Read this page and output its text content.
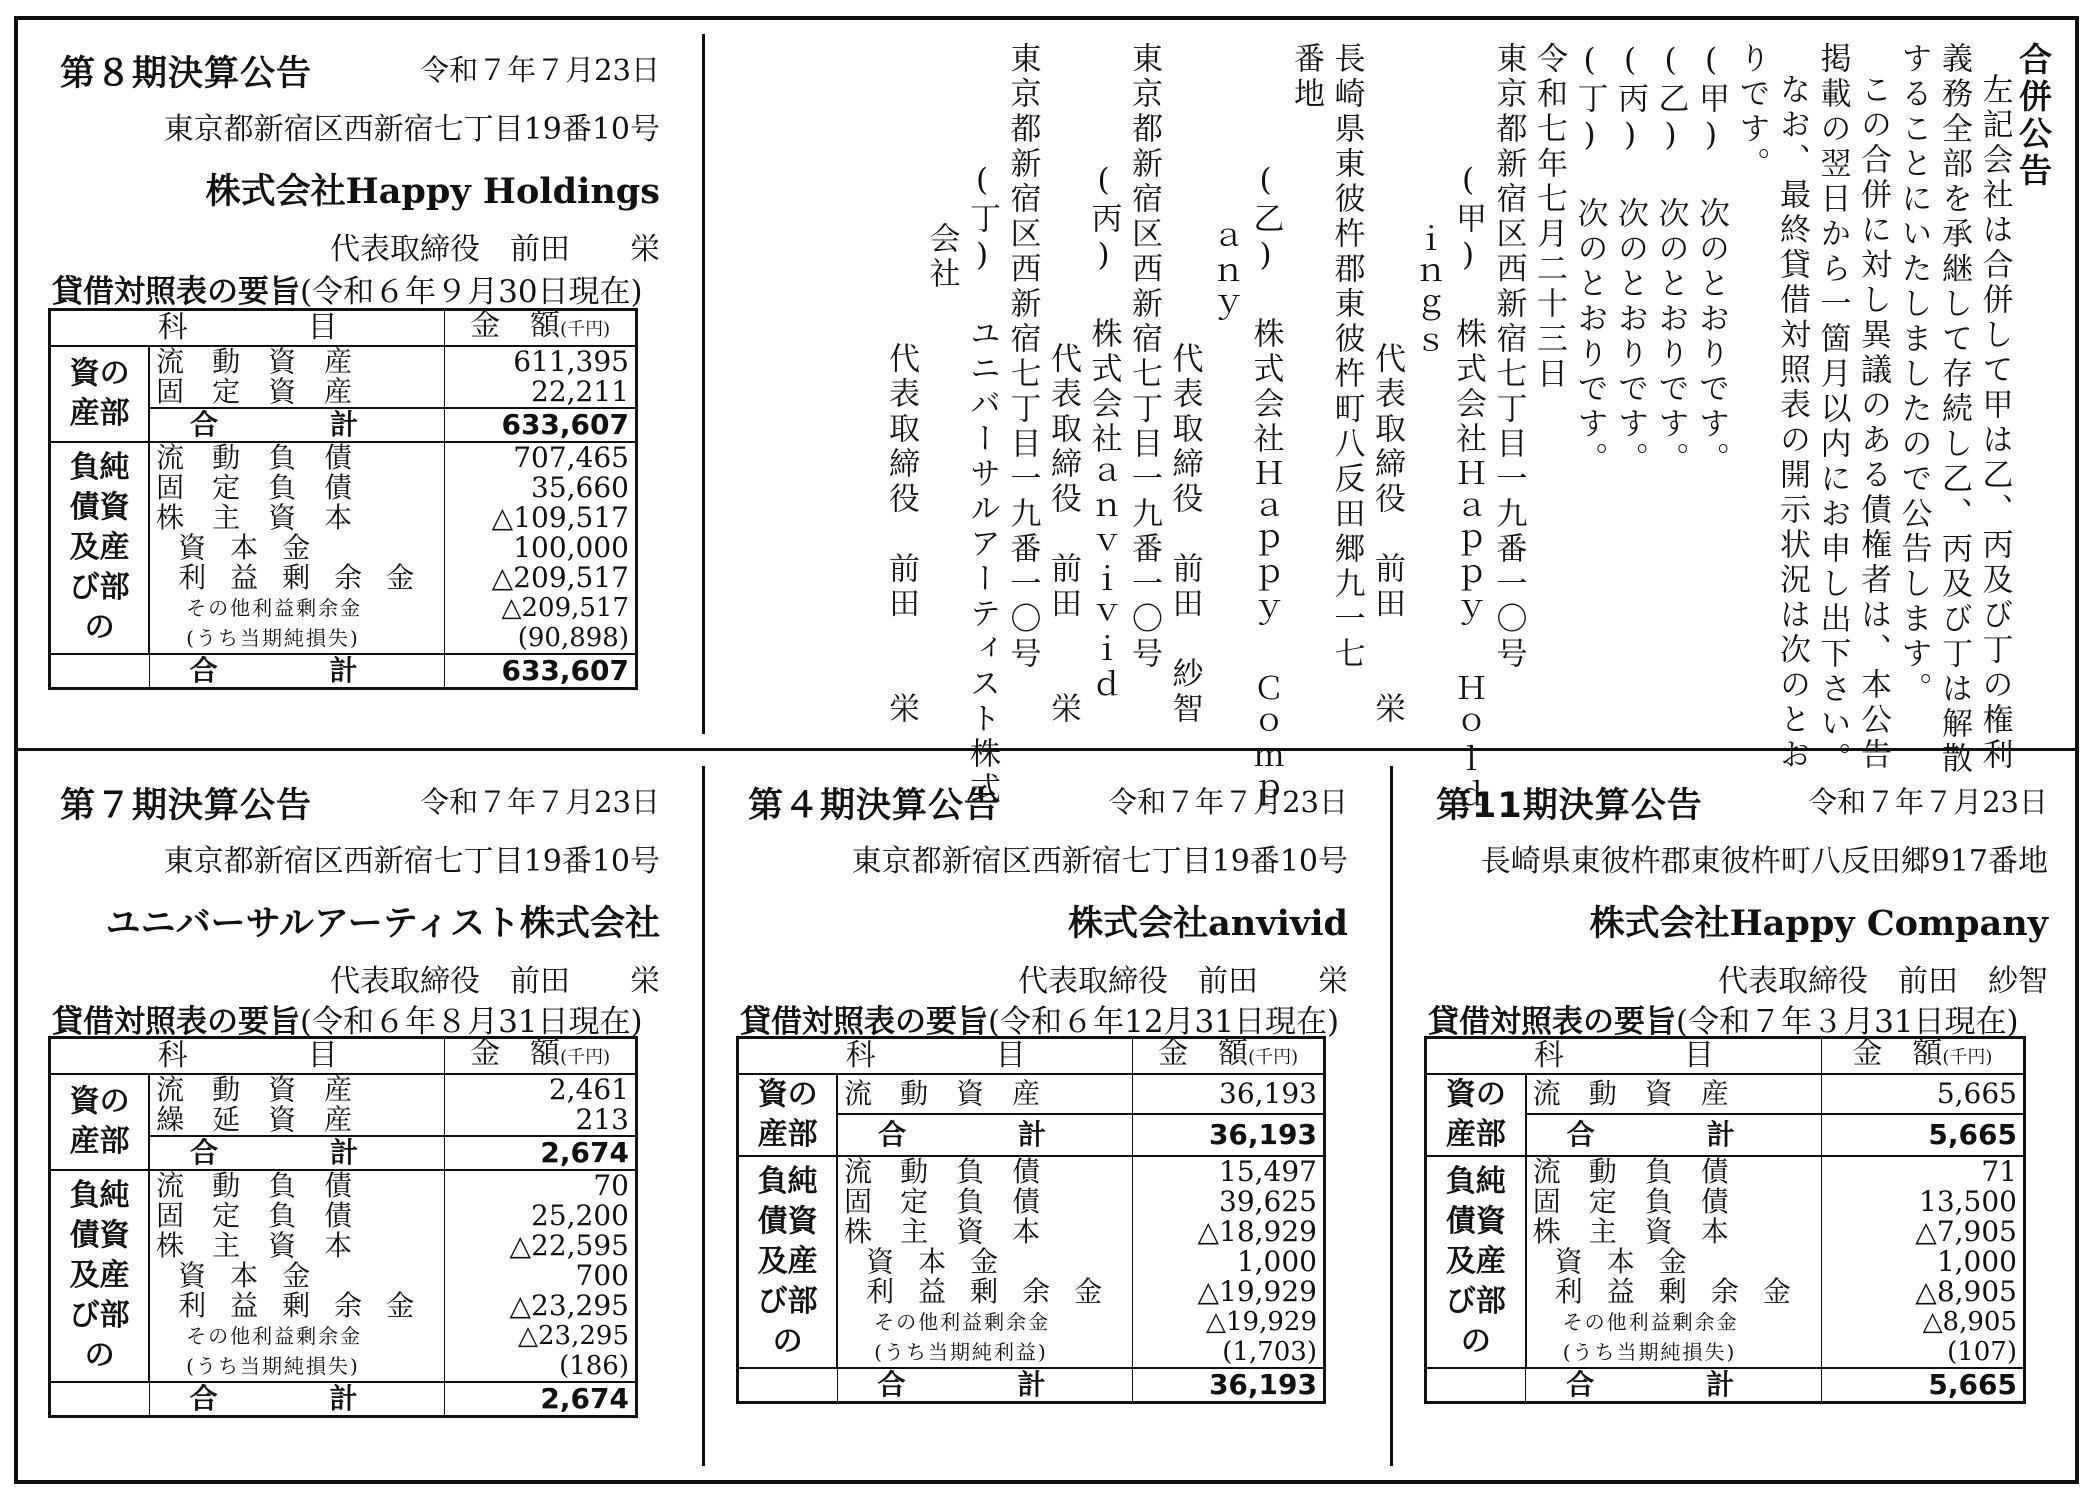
第８期決算公告	令和７年７月23日
東京都新宿区西新宿七丁目19番10号
株式会社Happy Holdings
代表取締役　前田　　栄
貸借対照表の要旨(令和６年９月30日現在)
科　　　　目		金　額(千円)
資の産部	流動資産	611,395
	固定資産	22,211
	合　　　　計	633,607
負純債資及産び部の	流動負債	707,465
	固定負債	35,660
	株主資本	△109,517
	資本金	100,000
	利益剰余金	△209,517
	その他利益剰余金	△209,517
	(うち当期純損失)	(90,898)
	合　　　　計	633,607
第７期決算公告	令和７年７月23日
東京都新宿区西新宿七丁目19番10号
ユニバーサルアーティスト株式会社
代表取締役　前田　　栄
貸借対照表の要旨(令和６年８月31日現在)
科　　　　目		金　額(千円)
資の産部	流動資産	2,461
	繰延資産	213
	合　　　　計	2,674
負純債資及産び部の	流動負債	70
	固定負債	25,200
	株主資本	△22,595
	資本金	700
	利益剰余金	△23,295
	その他利益剰余金	△23,295
	(うち当期純損失)	(186)
	合　　　　計	2,674
第４期決算公告	令和７年７月23日
東京都新宿区西新宿七丁目19番10号
株式会社anvivid
代表取締役　前田　　栄
貸借対照表の要旨(令和６年12月31日現在)
科　　　　目		金　額(千円)
資の産部	流動資産	36,193
	合　　　　計	36,193
負純債資及産び部の	流動負債	15,497
	固定負債	39,625
	株主資本	△18,929
	資本金	1,000
	利益剰余金	△19,929
	その他利益剰余金	△19,929
	(うち当期純利益)	(1,703)
	合　　　　計	36,193
第11期決算公告	令和７年７月23日
長崎県東彼杵郡東彼杵町八反田郷917番地
株式会社Happy Company
代表取締役　前田　紗智
貸借対照表の要旨(令和７年３月31日現在)
科　　　　目		金　額(千円)
資の産部	流動資産	5,665
	合　　　　計	5,665
負純債資及産び部の	流動負債	71
	固定負債	13,500
	株主資本	△7,905
	資本金	1,000
	利益剰余金	△8,905
	その他利益剰余金	△8,905
	(うち当期純損失)	(107)
	合　　　　計	5,665
合併公告
左記会社は合併して甲は乙、丙及び丁の権利
義務全部を承継して存続し乙、丙及び丁は解散
することにいたしましたので公告します。
この合併に対し異議のある債権者は、本公告
掲載の翌日から一箇月以内にお申し出下さい。
なお、最終貸借対照表の開示状況は次のとお
りです。
(甲) 次のとおりです。
(乙) 次のとおりです。
(丙) 次のとおりです。
(丁) 次のとおりです。
令和七年七月二十三日
東京都新宿区西新宿七丁目一九番一〇号
(甲) 株式会社Ｈａｐｐｙ Ｈｏｌｄ
ｉｎｇｓ
代表取締役　前田　　栄
長崎県東彼杵郡東彼杵町八反田郷九一七
番地
(乙) 株式会社Ｈａｐｐｙ Ｃｏｍｐ
ａｎｙ
代表取締役　前田　紗智
東京都新宿区西新宿七丁目一九番一〇号
(丙) 株式会社ａｎｖｉｖｉｄ
代表取締役　前田　　栄
東京都新宿区西新宿七丁目一九番一〇号
(丁) ユニバーサルアーティスト株式
会社
代表取締役　前田　　栄
